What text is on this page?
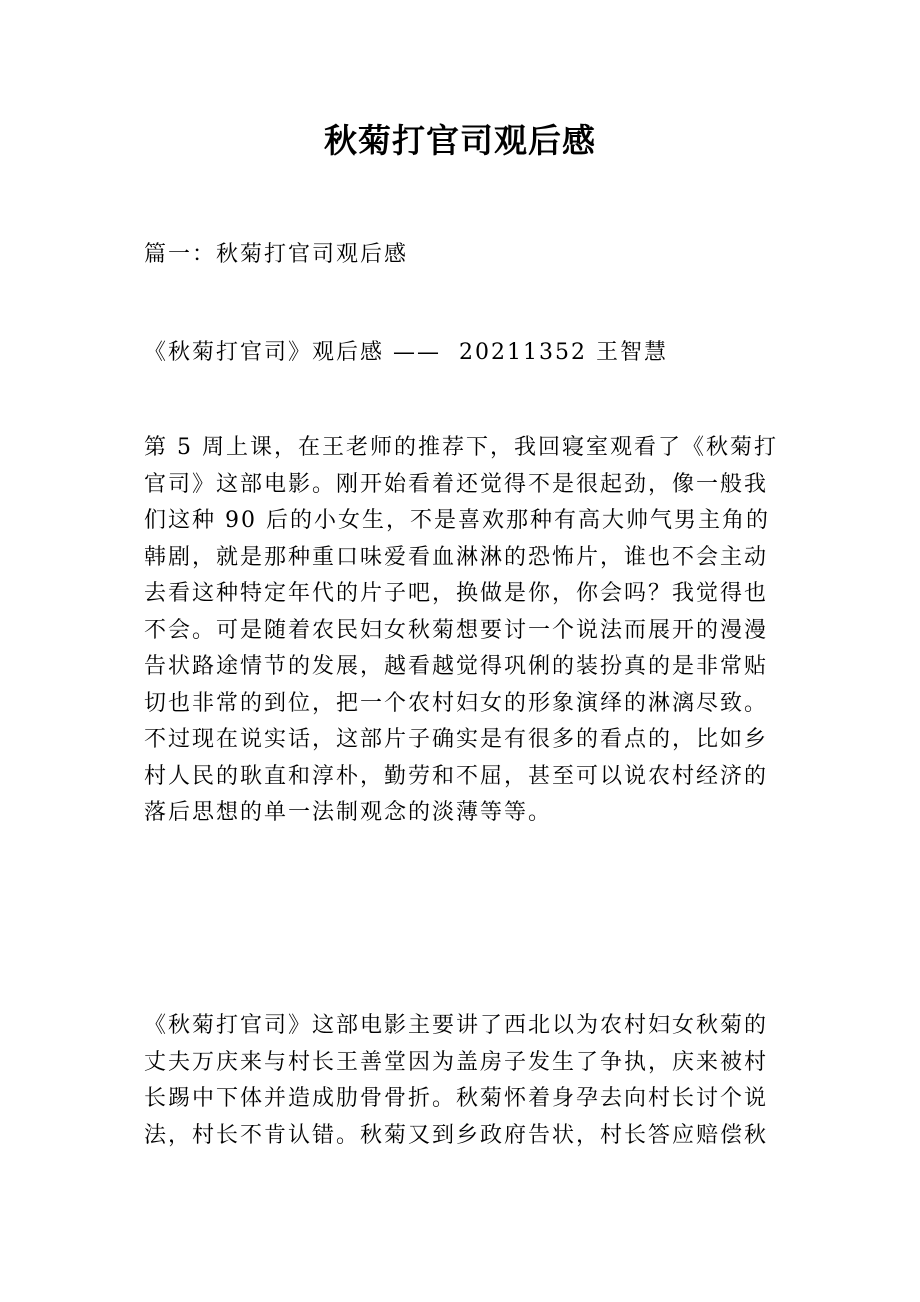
秋菊打官司观后感
篇一：秋菊打官司观后感
《秋菊打官司》观后感 ——  20211352 王智慧
第 5 周上课，在王老师的推荐下，我回寝室观看了《秋菊打
官司》这部电影。刚开始看着还觉得不是很起劲，像一般我
们这种 90 后的小女生，不是喜欢那种有高大帅气男主角的
韩剧，就是那种重口味爱看血淋淋的恐怖片，谁也不会主动
去看这种特定年代的片子吧，换做是你，你会吗？我觉得也
不会。可是随着农民妇女秋菊想要讨一个说法而展开的漫漫
告状路途情节的发展，越看越觉得巩俐的装扮真的是非常贴
切也非常的到位，把一个农村妇女的形象演绎的淋漓尽致。
不过现在说实话，这部片子确实是有很多的看点的，比如乡
村人民的耿直和淳朴，勤劳和不屈，甚至可以说农村经济的
落后思想的单一法制观念的淡薄等等。
《秋菊打官司》这部电影主要讲了西北以为农村妇女秋菊的
丈夫万庆来与村长王善堂因为盖房子发生了争执，庆来被村
长踢中下体并造成肋骨骨折。秋菊怀着身孕去向村长讨个说
法，村长不肯认错。秋菊又到乡政府告状，村长答应赔偿秋
